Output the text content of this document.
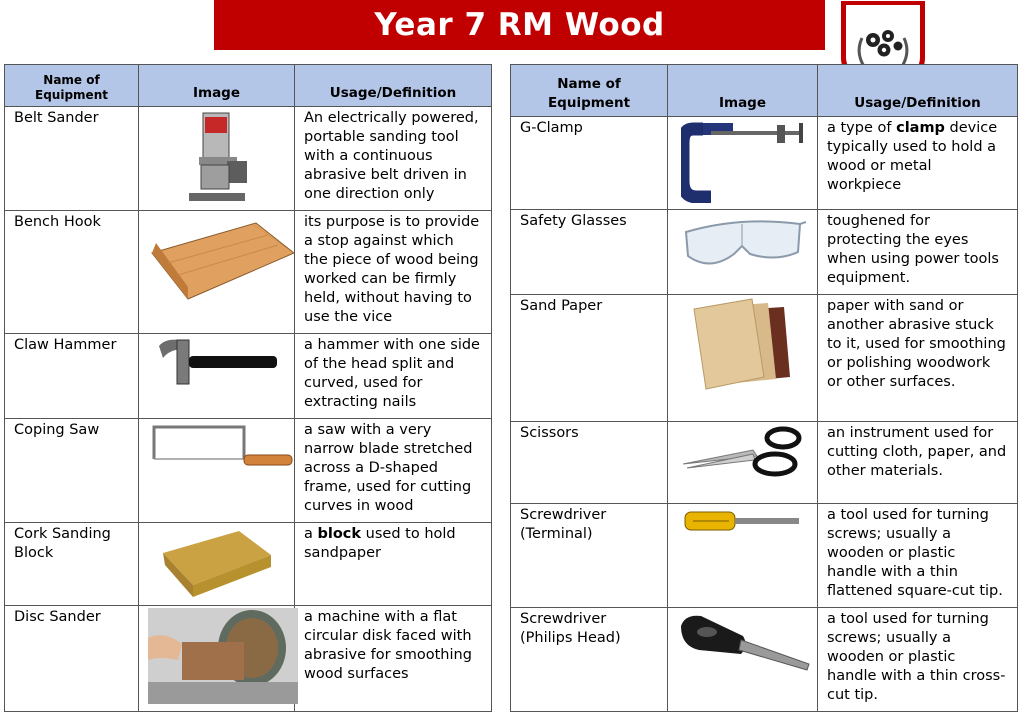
Year 7 RM Wood
Name of Equipment	Image	Usage/Definition
Belt Sander		An electrically powered, portable sanding tool with a continuous abrasive belt driven in one direction only
Bench Hook		its purpose is to provide a stop against which the piece of wood being worked can be firmly held, without having to use the vice
Claw Hammer		a hammer with one side of the head split and curved, used for extracting nails
Coping Saw		a saw with a very narrow blade stretched across a D-shaped frame, used for cutting curves in wood
Cork Sanding Block		a block used to hold sandpaper
Disc Sander		a machine with a flat circular disk faced with abrasive for smoothing wood surfaces
Name of Equipment	Image	Usage/Definition
G-Clamp		a type of clamp device typically used to hold a wood or metal workpiece
Safety Glasses		toughened for protecting the eyes when using power tools equipment.
Sand Paper		paper with sand or another abrasive stuck to it, used for smoothing or polishing woodwork or other surfaces.
Scissors		an instrument used for cutting cloth, paper, and other materials.
Screwdriver (Terminal)		a tool used for turning screws; usually a wooden or plastic handle with a thin flattened square-cut tip.
Screwdriver (Philips Head)		a tool used for turning screws; usually a wooden or plastic handle with a thin cross-cut tip.
